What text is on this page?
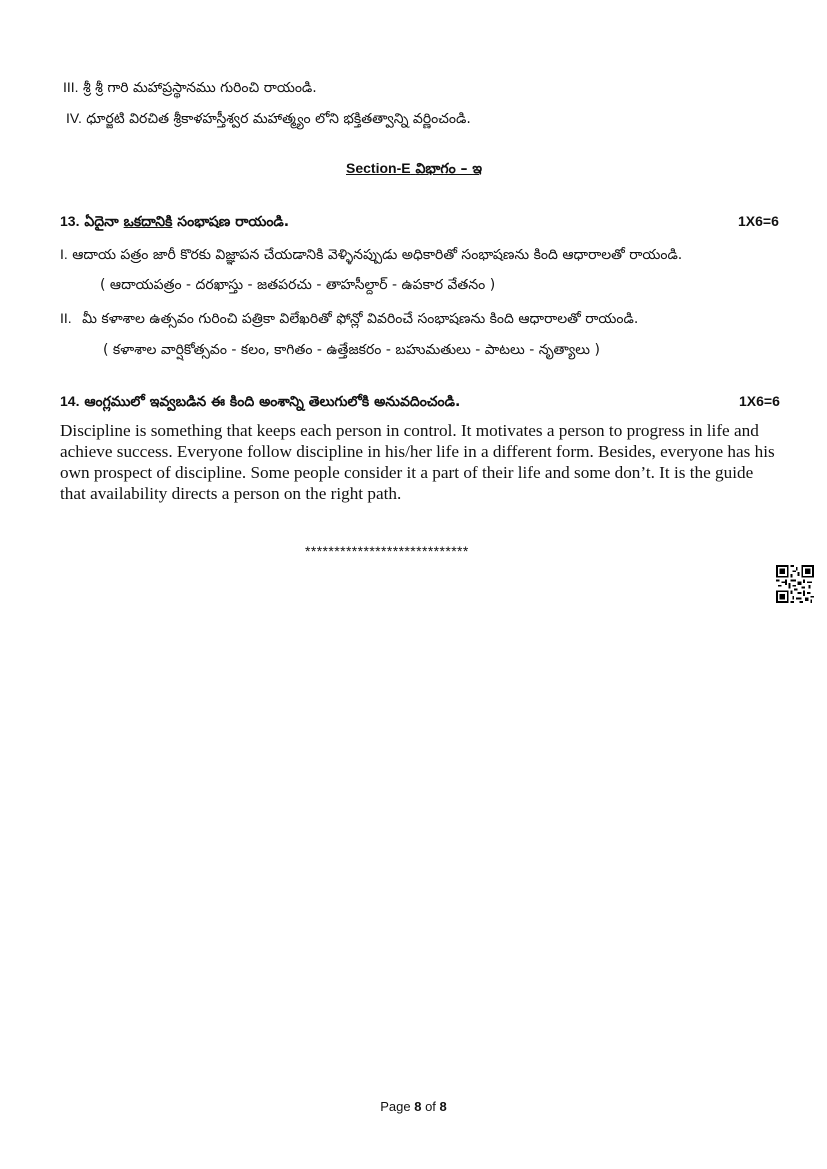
III. శ్రీ శ్రీ గారి మహాప్రస్థానము గురించి రాయండి.
IV. ధూర్జటి విరచిత శ్రీకాళహస్తీశ్వర మహాత్మ్యం లోని భక్తితత్వాన్ని వర్ణించండి.
Section-E విభాగం – ఇ
13. ఏదైనా ఒకదానికి సంభాషణ రాయండి.	1X6=6
I. ఆదాయ పత్రం జారీ కొరకు విజ్ఞాపన చేయడానికి వెళ్ళినప్పుడు అధికారితో సంభాషణను కింది ఆధారాలతో రాయండి.
( ఆదాయపత్రం - దరఖాస్తు - జతపరచు - తాహసీల్దార్ - ఉపకార వేతనం )
II. మీ కళాశాల ఉత్సవం గురించి పత్రికా విలేఖరితో ఫోన్లో వివరించే సంభాషణను కింది ఆధారాలతో రాయండి.
( కళాశాల వార్షికోత్సవం - కలం, కాగితం - ఉత్తేజకరం - బహుమతులు - పాటలు - నృత్యాలు )
14. ఆంగ్లములో ఇవ్వబడిన ఈ కింది అంశాన్ని తెలుగులోకి అనువదించండి.	1X6=6
Discipline is something that keeps each person in control. It motivates a person to progress in life and achieve success. Everyone follow discipline in his/her life in a different form. Besides, everyone has his own prospect of discipline. Some people consider it a part of their life and some don’t. It is the guide that availability directs a person on the right path.
****************************
Page 8 of 8
